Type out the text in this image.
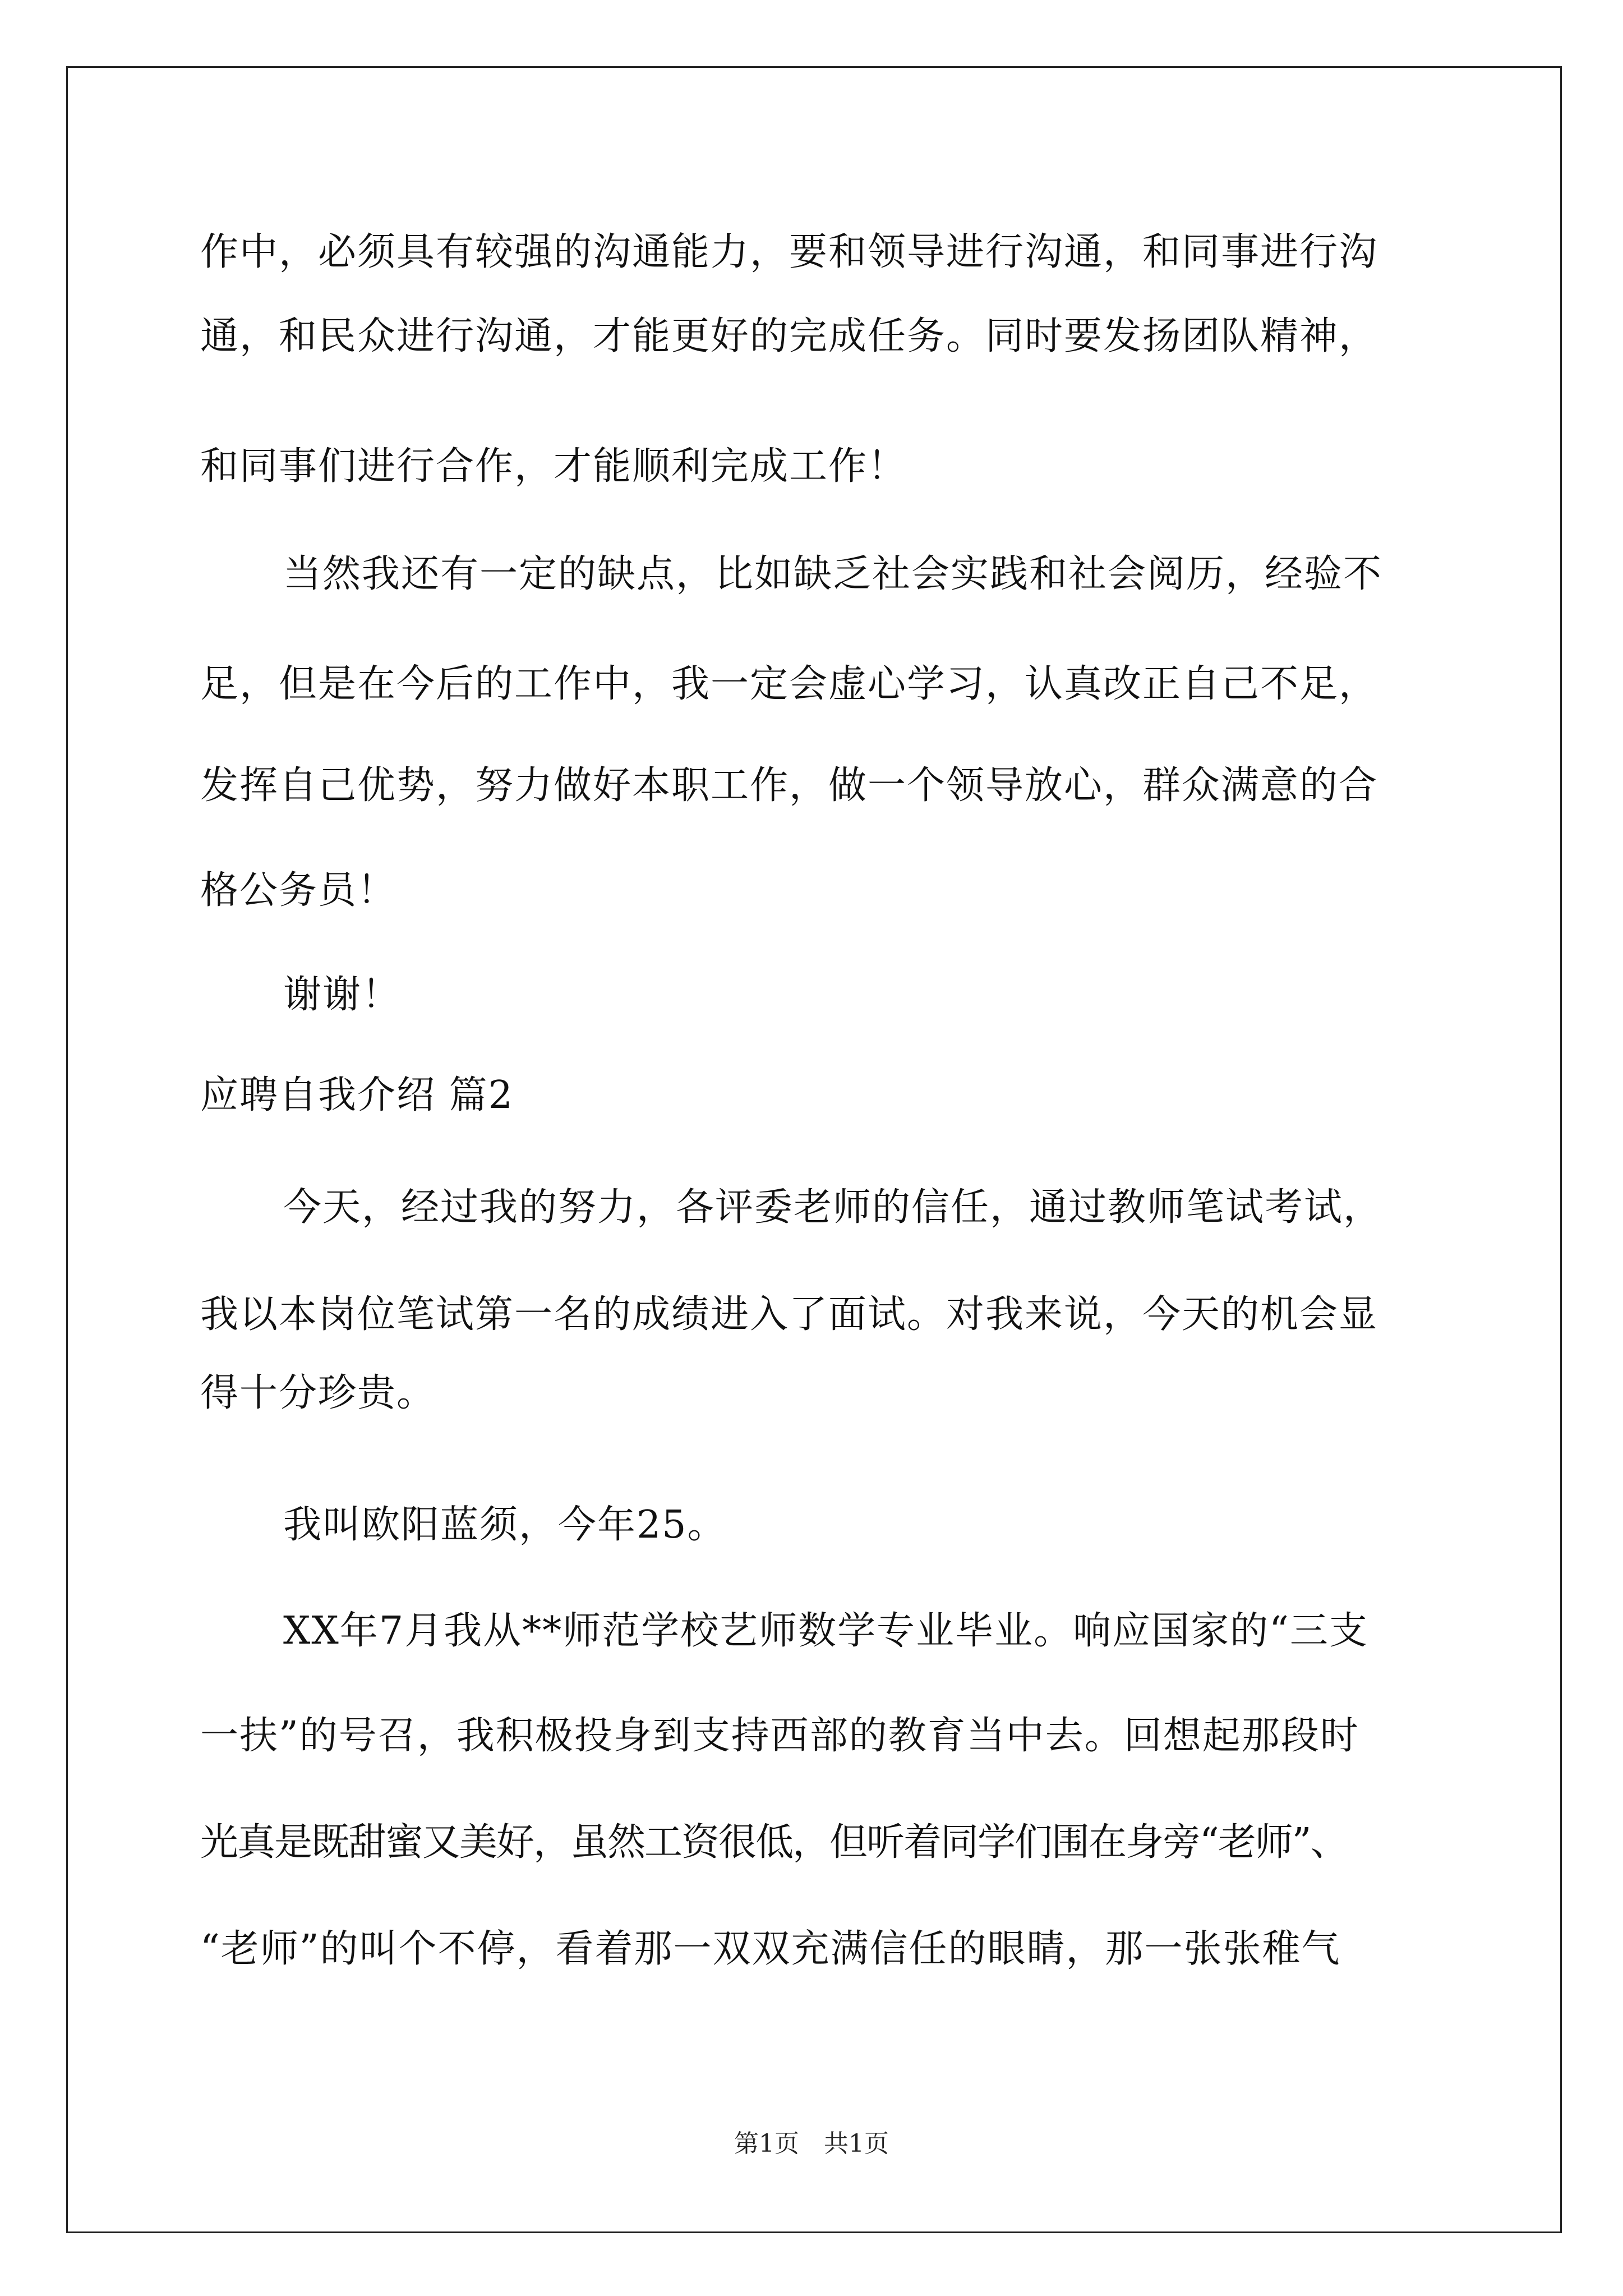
作中，必须具有较强的沟通能力，要和领导进行沟通，和同事进行沟
通，和民众进行沟通，才能更好的完成任务。同时要发扬团队精神，
和同事们进行合作，才能顺利完成工作！
当然我还有一定的缺点，比如缺乏社会实践和社会阅历，经验不
足，但是在今后的工作中，我一定会虚心学习，认真改正自己不足，
发挥自己优势，努力做好本职工作，做一个领导放心，群众满意的合
格公务员！
谢谢！
应聘自我介绍 篇2
今天，经过我的努力，各评委老师的信任，通过教师笔试考试，
我以本岗位笔试第一名的成绩进入了面试。对我来说，今天的机会显
得十分珍贵。
我叫欧阳蓝须，今年25。
XX年7月我从**师范学校艺师数学专业毕业。响应国家的“三支
一扶”的号召，我积极投身到支持西部的教育当中去。回想起那段时
光真是既甜蜜又美好，虽然工资很低，但听着同学们围在身旁“老师”、
“老师”的叫个不停，看着那一双双充满信任的眼睛，那一张张稚气
第1页 共1页
